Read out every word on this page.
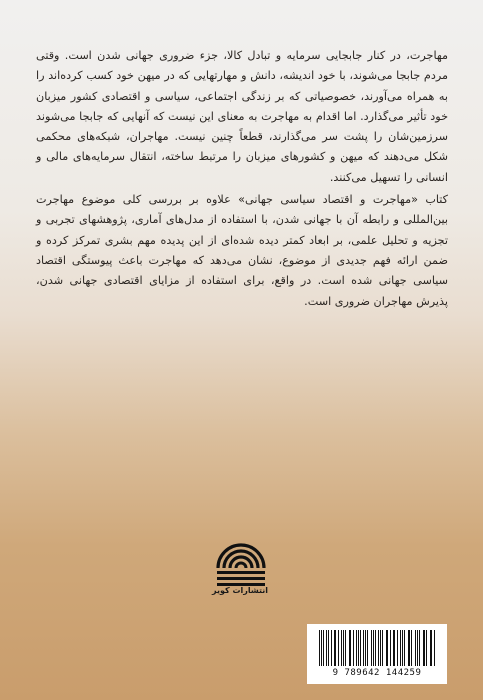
مهاجرت، در کنار جابجایی سرمایه و تبادل کالا، جزء ضروری جهانی شدن است. وقتی مردم جابجا می‌شوند، با خود اندیشه، دانش و مهارتهایی که در میهن خود کسب کرده‌اند را به همراه می‌آورند، خصوصیاتی که بر زندگی اجتماعی، سیاسی و اقتصادی کشور میزبان خود تأثیر می‌گذارد. اما اقدام به مهاجرت به معنای این نیست که آنهایی که جابجا می‌شوند سرزمین‌شان را پشت سر می‌گذارند، قطعاً چنین نیست. مهاجران، شبکه‌های محکمی شکل می‌دهند که میهن و کشورهای میزبان را مرتبط ساخته، انتقال سرمایه‌های مالی و انسانی را تسهیل می‌کنند.

کتاب «مهاجرت و اقتصاد سیاسی جهانی» علاوه بر بررسی کلی موضوع مهاجرت بین‌المللی و رابطه آن با جهانی شدن، با استفاده از مدل‌های آماری، پژوهشهای تجربی و تجزیه و تحلیل علمی، بر ابعاد کمتر دیده شده‌ای از این پدیده مهم بشری تمرکز کرده و ضمن ارائه فهم جدیدی از موضوع، نشان می‌دهد که مهاجرت باعث پیوستگی اقتصاد سیاسی جهانی شده است. در واقع، برای استفاده از مزایای اقتصادی جهانی شدن، پذیرش مهاجران ضروری است.

انتشارات کویر
9 789642 144259
